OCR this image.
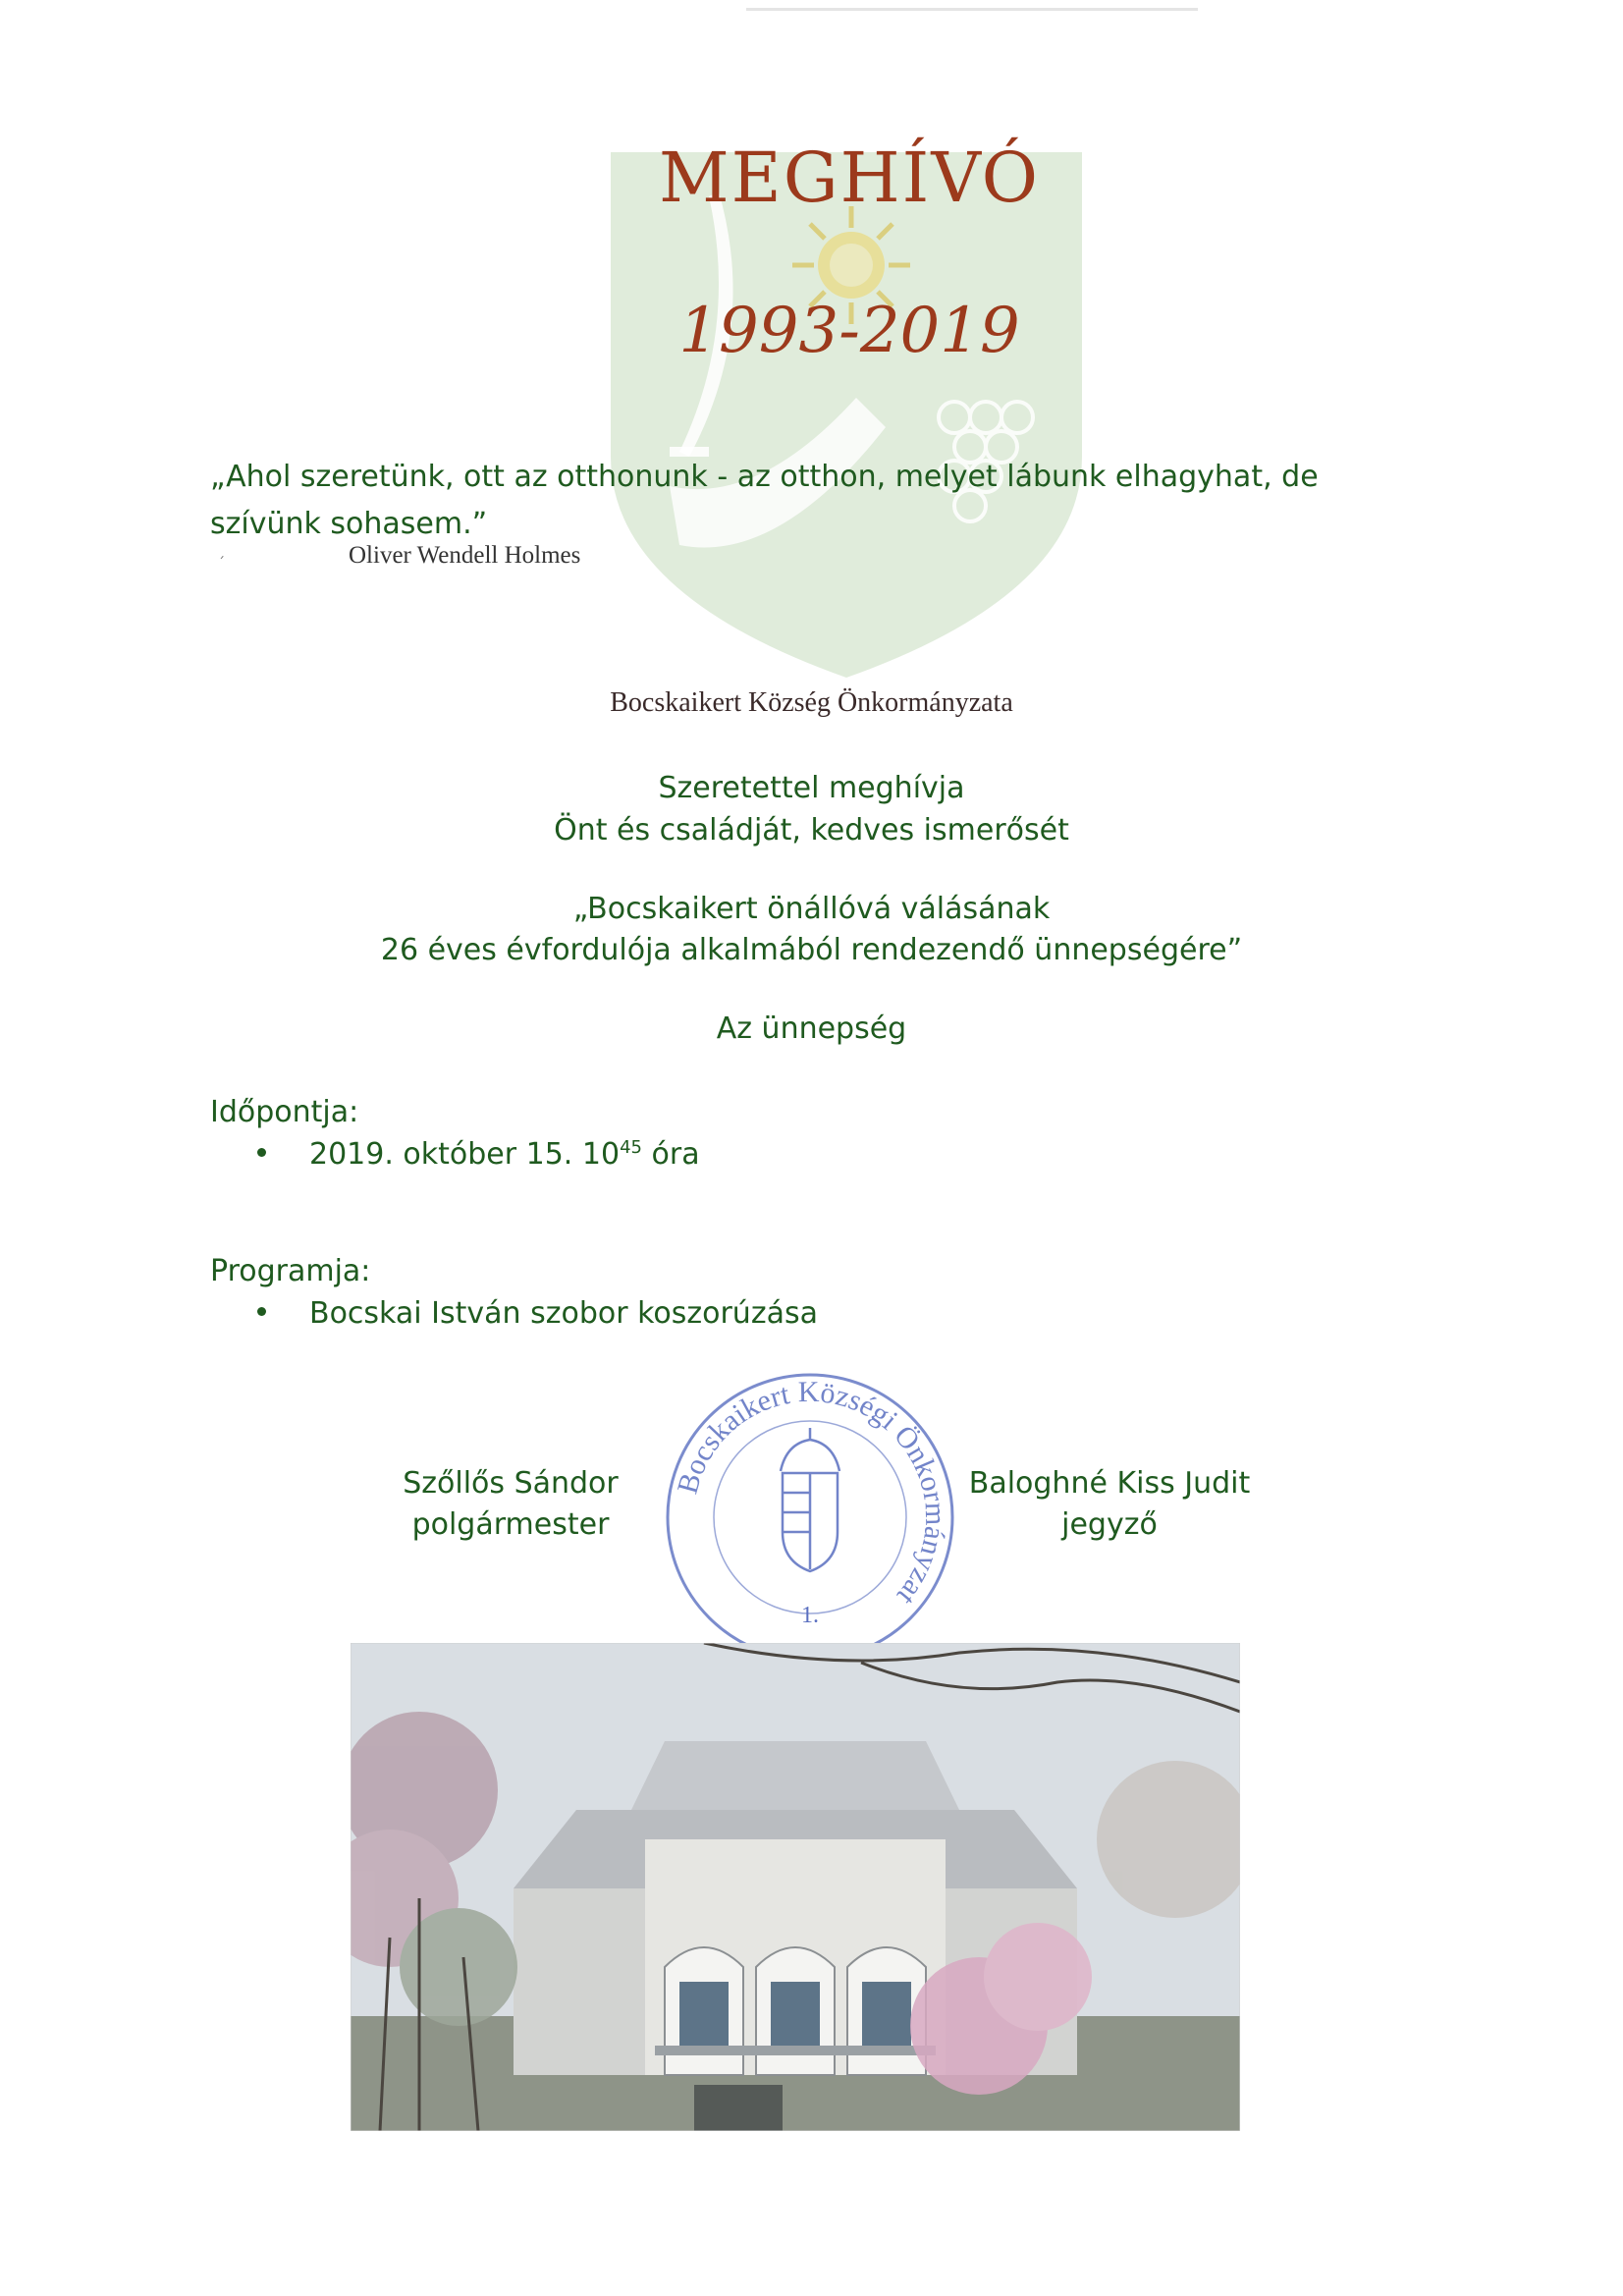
MEGHÍVÓ
1993-2019
„Ahol szeretünk, ott az otthonunk - az otthon, melyet lábunk elhagyhat, de szívünk sohasem.”
´	Oliver Wendell Holmes
Bocskaikert Község Önkormányzata
Szeretettel meghívja
Önt és családját, kedves ismerősét
„Bocskaikert önállóvá válásának
26 éves évfordulója alkalmából rendezendő ünnepségére”
Az ünnepség
Időpontja:
2019. október 15. $10^{45}$ óra
Programja:
Bocskai István szobor koszorúzása
Szőllős Sándor
polgármester
Bocskaikert Községi Önkormányzat
1.
Baloghné Kiss Judit
jegyző
